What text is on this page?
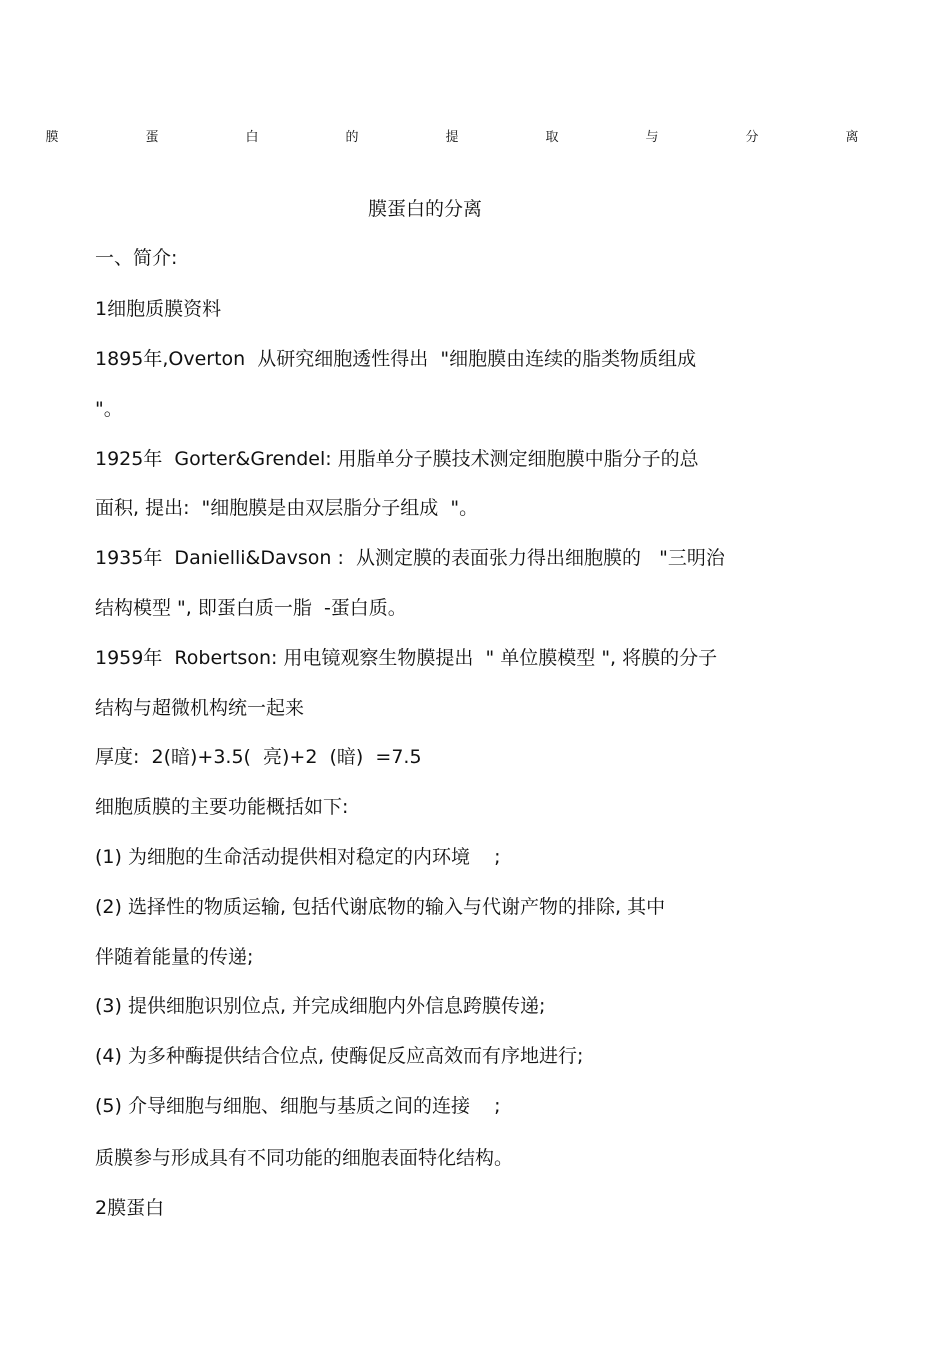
膜	蛋	白	的	提	取	与	分	离
膜蛋白的分离
一、简介:
1细胞质膜资料
1895年,Overton  从研究细胞透性得出  "细胞膜由连续的脂类物质组成
"。
1925年  Gorter&Grendel: 用脂单分子膜技术测定细胞膜中脂分子的总
面积, 提出:  "细胞膜是由双层脂分子组成  "。
1935年  Danielli&Davson :  从测定膜的表面张力得出细胞膜的   "三明治
结构模型 ", 即蛋白质一脂  -蛋白质。
1959年  Robertson: 用电镜观察生物膜提出  " 单位膜模型 ", 将膜的分子
结构与超微机构统一起来
厚度:  2(暗)+3.5(  亮)+2  (暗)  =7.5
细胞质膜的主要功能概括如下:
(1) 为细胞的生命活动提供相对稳定的内环境    ;
(2) 选择性的物质运输, 包括代谢底物的输入与代谢产物的排除, 其中
伴随着能量的传递;
(3) 提供细胞识别位点, 并完成细胞内外信息跨膜传递;
(4) 为多种酶提供结合位点, 使酶促反应高效而有序地进行;
(5) 介导细胞与细胞、细胞与基质之间的连接    ;
质膜参与形成具有不同功能的细胞表面特化结构。
2膜蛋白
